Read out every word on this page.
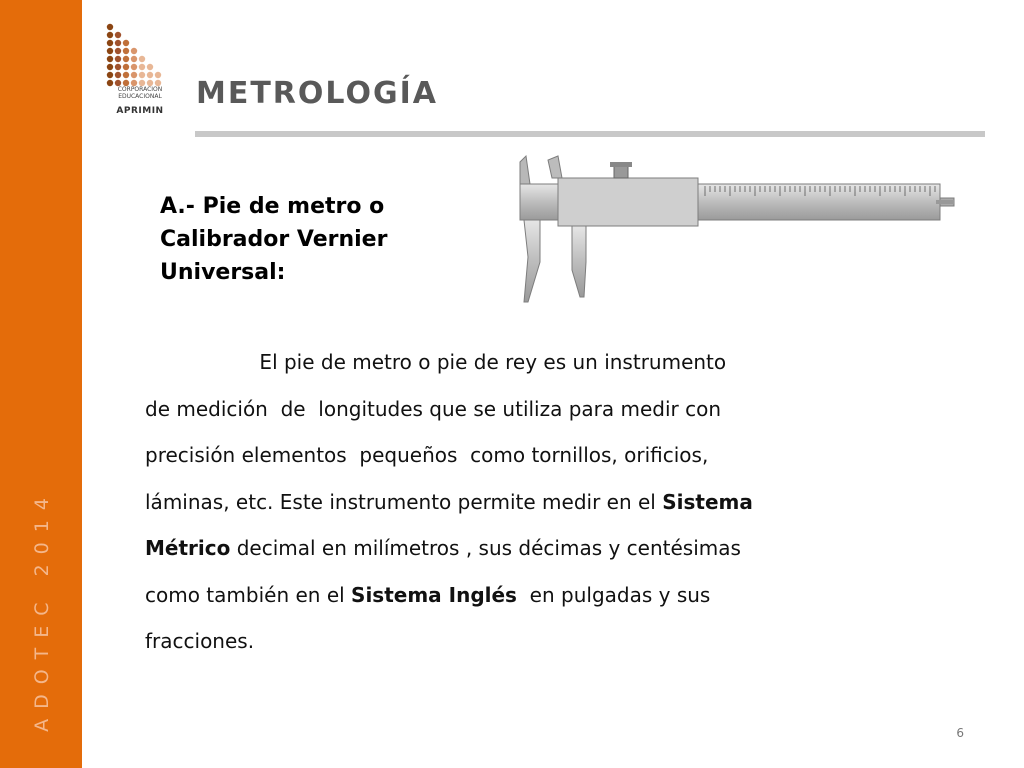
ADOTEC 2014
CORPORACION
EDUCACIONAL
APRIMIN	METROLOGÍA
A.- Pie de metro o
Calibrador Vernier
Universal:
El pie de metro o pie de rey es un instrumento
de medición  de  longitudes que se utiliza para medir con
precisión elementos  pequeños  como tornillos, orificios,
láminas, etc. Este instrumento permite medir en el Sistema
Métrico decimal en milímetros , sus décimas y centésimas
como también en el Sistema Inglés  en pulgadas y sus
fracciones.
6
